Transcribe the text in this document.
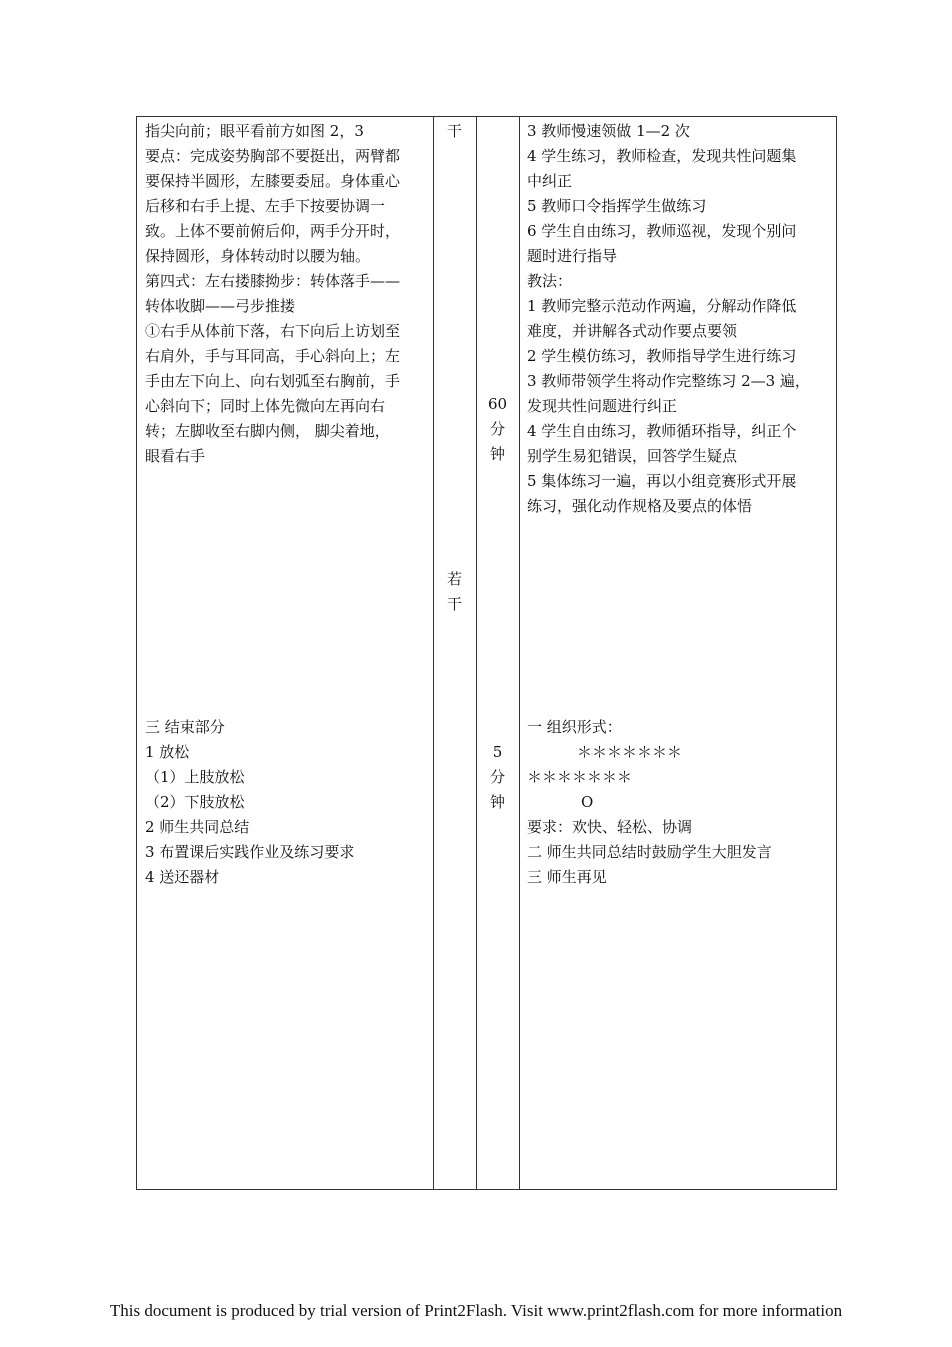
指尖向前；眼平看前方如图 2，3
要点：完成姿势胸部不要挺出，两臂都
要保持半圆形，左膝要委屈。身体重心
后移和右手上提、左手下按要协调一
致。上体不要前俯后仰，两手分开时，
保持圆形，身体转动时以腰为轴。
第四式：左右搂膝拗步：转体落手——
转体收脚——弓步推搂
①右手从体前下落，右下向后上访划至
右肩外，手与耳同高，手心斜向上；左
手由左下向上、向右划弧至右胸前，手
心斜向下；同时上体先微向左再向右
转；左脚收至右脚内侧， 脚尖着地，
眼看右手
三 结束部分
1 放松
（1）上肢放松
（2）下肢放松
2 师生共同总结
3 布置课后实践作业及练习要求
4 送还器材
干
若
干
60
分
钟
5
分
钟
3 教师慢速领做 1—2 次
4 学生练习，教师检查，发现共性问题集
中纠正
5 教师口令指挥学生做练习
6 学生自由练习，教师巡视，发现个别问
题时进行指导
教法：
1 教师完整示范动作两遍，分解动作降低
难度，并讲解各式动作要点要领
2 学生模仿练习，教师指导学生进行练习
3 教师带领学生将动作完整练习 2—3 遍，
发现共性问题进行纠正
4 学生自由练习，教师循环指导，纠正个
别学生易犯错误，回答学生疑点
5 集体练习一遍，再以小组竞赛形式开展
练习，强化动作规格及要点的体悟
一 组织形式：
＊＊＊＊＊＊＊
＊＊＊＊＊＊＊
O
要求：欢快、轻松、协调
二 师生共同总结时鼓励学生大胆发言
三 师生再见
This document is produced by trial version of Print2Flash. Visit www.print2flash.com for more information
